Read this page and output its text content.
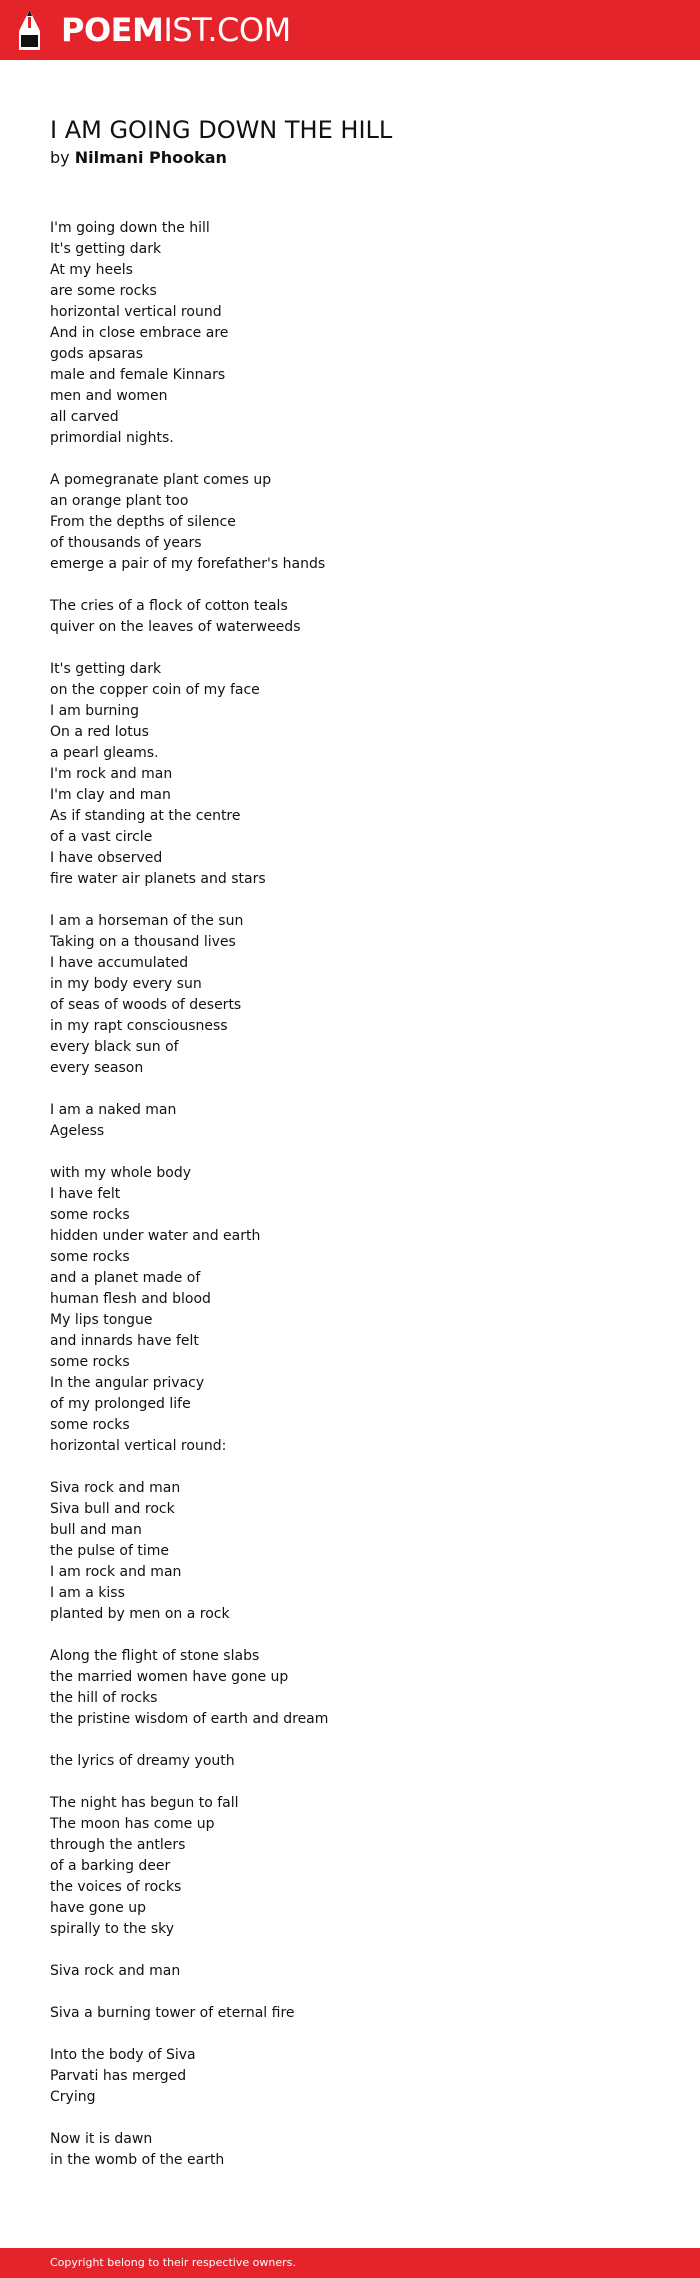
POEMIST.COM
I AM GOING DOWN THE HILL
by Nilmani Phookan
I'm going down the hill
It's getting dark
At my heels
are some rocks
horizontal vertical round
And in close embrace are
gods apsaras
male and female Kinnars
men and women
all carved
primordial nights.
A pomegranate plant comes up
an orange plant too
From the depths of silence
of thousands of years
emerge a pair of my forefather's hands
The cries of a flock of cotton teals
quiver on the leaves of waterweeds
It's getting dark
on the copper coin of my face
I am burning
On a red lotus
a pearl gleams.
I'm rock and man
I'm clay and man
As if standing at the centre
of a vast circle
I have observed
fire water air planets and stars
I am a horseman of the sun
Taking on a thousand lives
I have accumulated
in my body every sun
of seas of woods of deserts
in my rapt consciousness
every black sun of
every season
I am a naked man
Ageless
with my whole body
I have felt
some rocks
hidden under water and earth
some rocks
and a planet made of
human flesh and blood
My lips tongue
and innards have felt
some rocks
In the angular privacy
of my prolonged life
some rocks
horizontal vertical round:
Siva rock and man
Siva bull and rock
bull and man
the pulse of time
I am rock and man
I am a kiss
planted by men on a rock
Along the flight of stone slabs
the married women have gone up
the hill of rocks
the pristine wisdom of earth and dream
the lyrics of dreamy youth
The night has begun to fall
The moon has come up
through the antlers
of a barking deer
the voices of rocks
have gone up
spirally to the sky
Siva rock and man
Siva a burning tower of eternal fire
Into the body of Siva
Parvati has merged
Crying
Now it is dawn
in the womb of the earth
Copyright belong to their respective owners.
